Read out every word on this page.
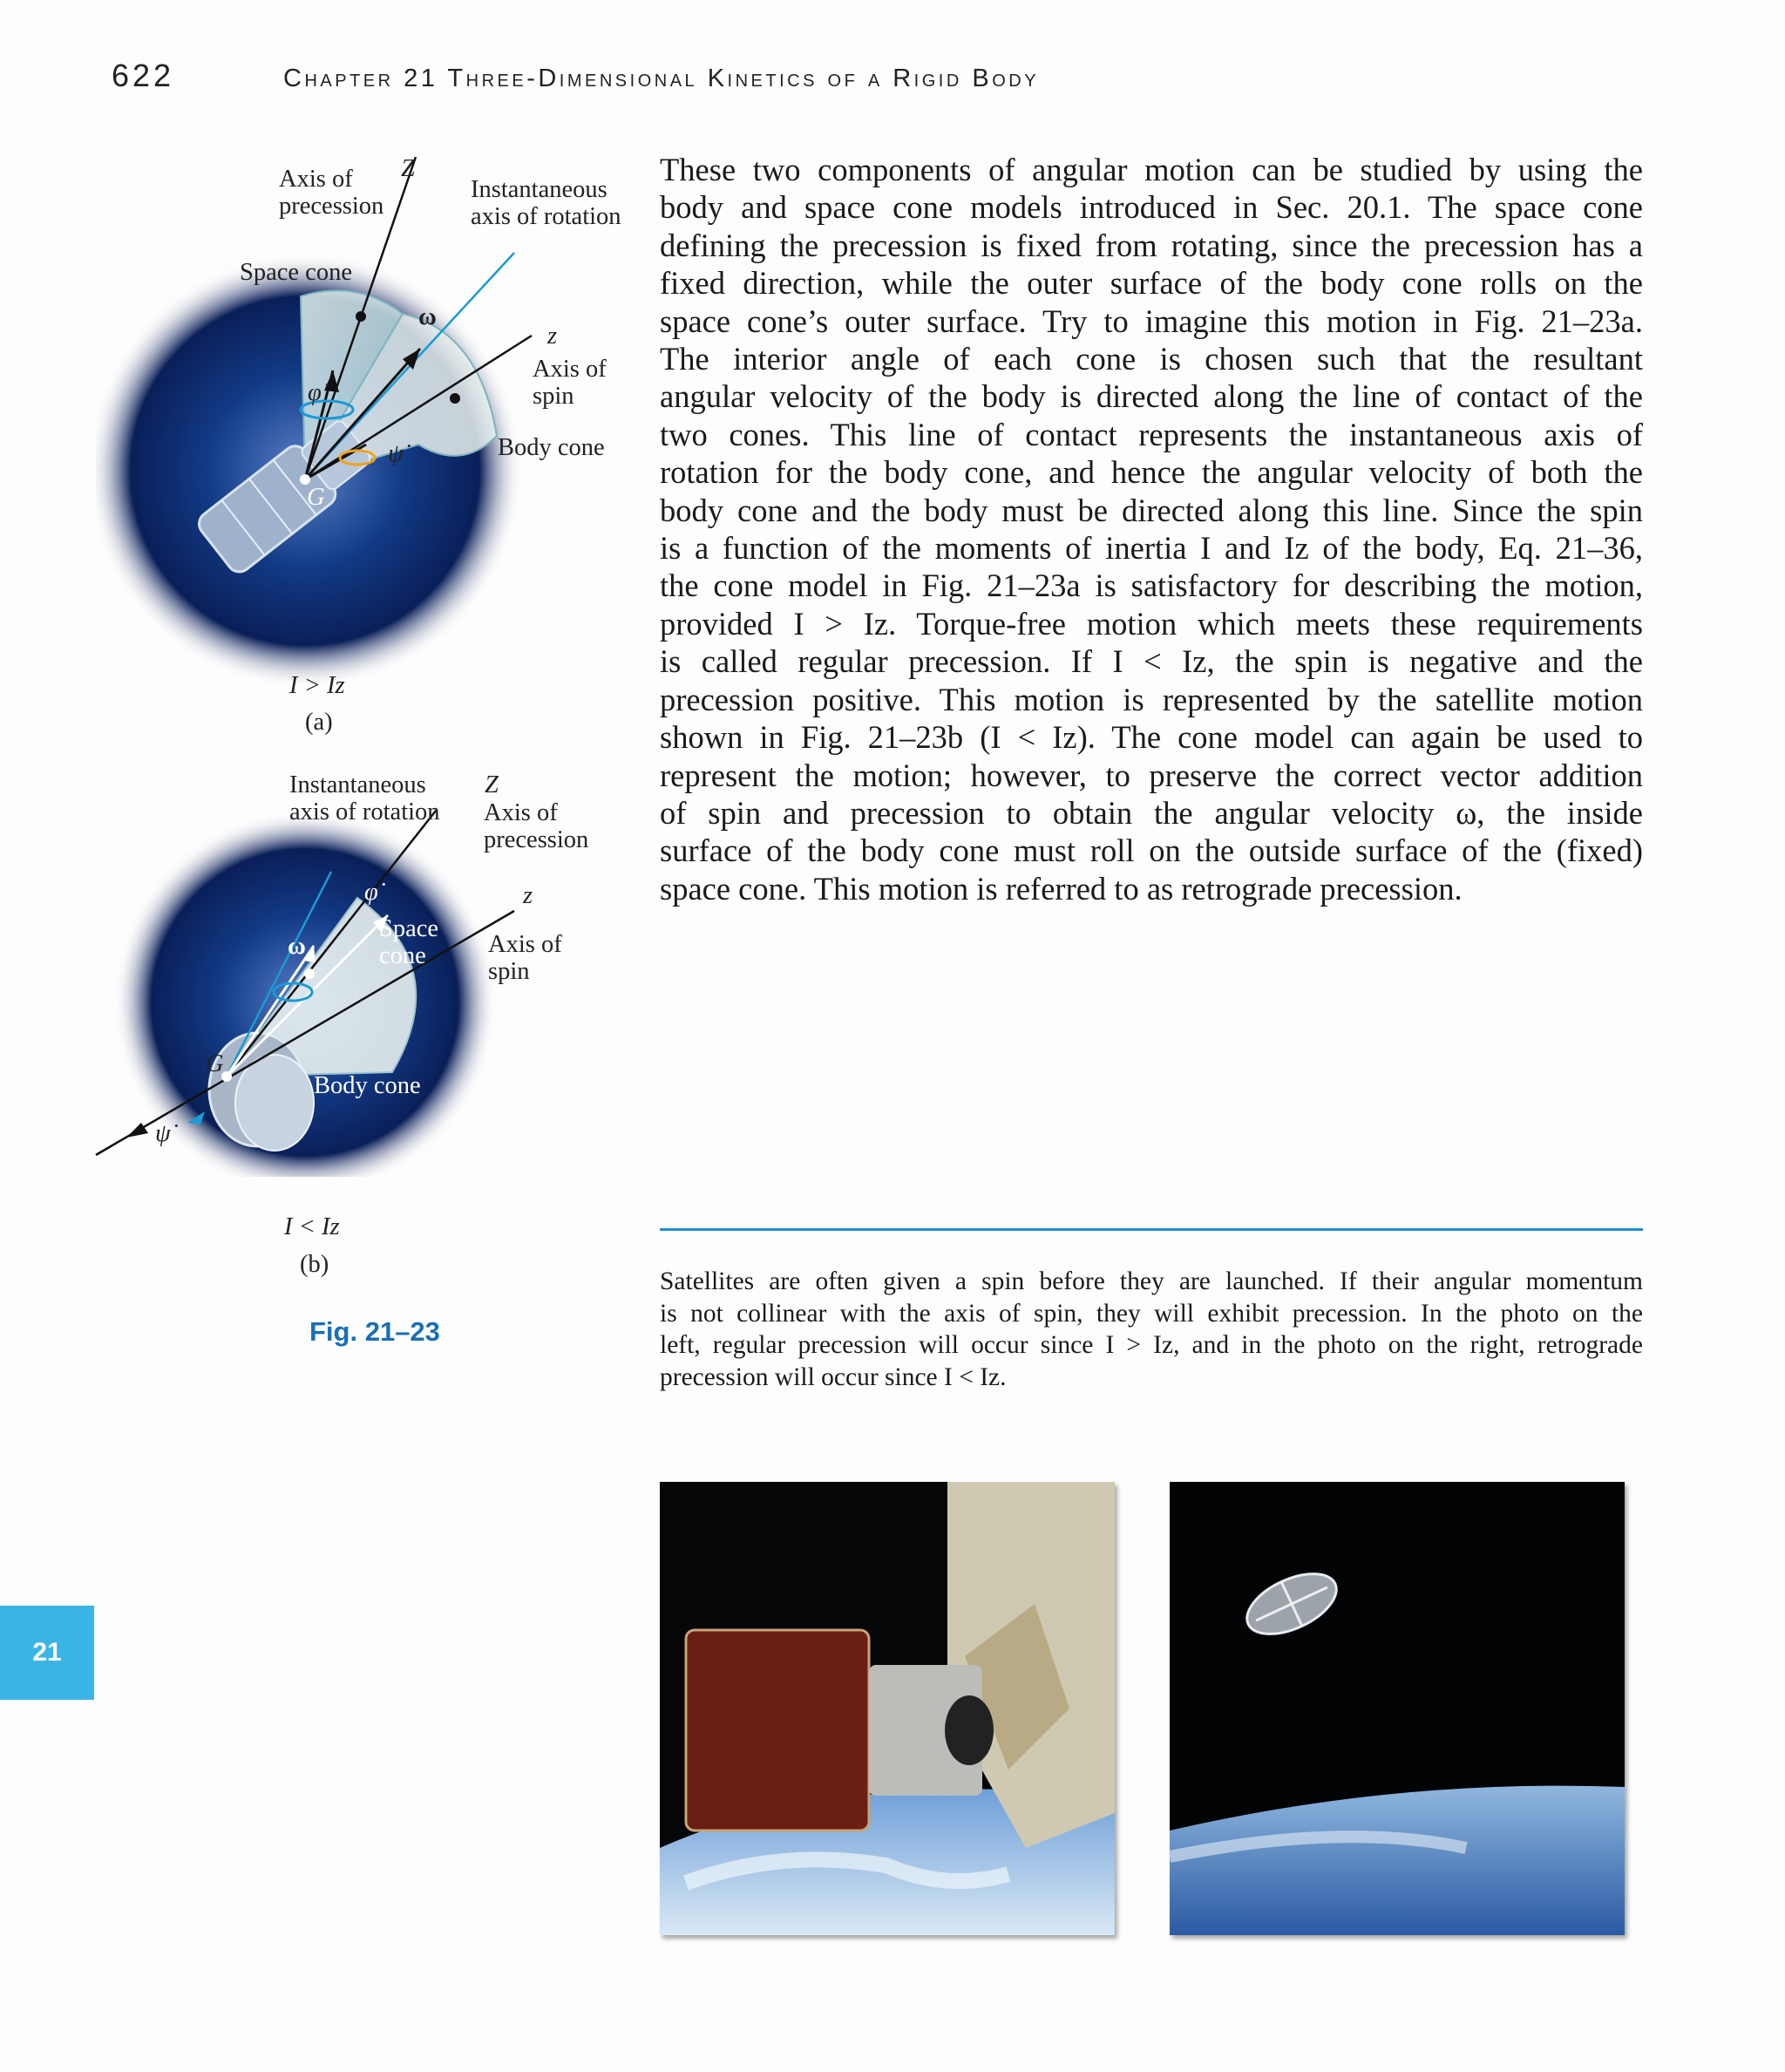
622	Chapter 21 Three-Dimensional Kinetics of a Rigid Body
Axis of
precession
Z
Instantaneous
axis of rotation
Space cone
ω
z
Axis of
spin
φ̇
ψ̇	Body cone
G
I > Iz
(a)
Instantaneous
axis of rotation
Z
Axis of
precession
z
φ̇
Space
cone
ω	Axis of
spin
G
Body cone
ψ̇
I < Iz
(b)
Fig. 21–23
These two components of angular motion can be studied by using the
body and space cone models introduced in Sec. 20.1. The space cone
defining the precession is fixed from rotating, since the precession has a
fixed direction, while the outer surface of the body cone rolls on the
space cone’s outer surface. Try to imagine this motion in Fig. 21–23a.
The interior angle of each cone is chosen such that the resultant
angular velocity of the body is directed along the line of contact of the
two cones. This line of contact represents the instantaneous axis of
rotation for the body cone, and hence the angular velocity of both the
body cone and the body must be directed along this line. Since the spin
is a function of the moments of inertia I and Iz of the body, Eq. 21–36,
the cone model in Fig. 21–23a is satisfactory for describing the motion,
provided I > Iz. Torque-free motion which meets these requirements
is called regular precession. If I < Iz, the spin is negative and the
precession positive. This motion is represented by the satellite motion
shown in Fig. 21–23b (I < Iz). The cone model can again be used to
represent the motion; however, to preserve the correct vector addition
of spin and precession to obtain the angular velocity ω, the inside
surface of the body cone must roll on the outside surface of the (fixed)
space cone. This motion is referred to as retrograde precession.
Satellites are often given a spin before they are launched. If their angular momentum
is not collinear with the axis of spin, they will exhibit precession. In the photo on the
left, regular precession will occur since I > Iz, and in the photo on the right, retrograde
precession will occur since I < Iz.
21
